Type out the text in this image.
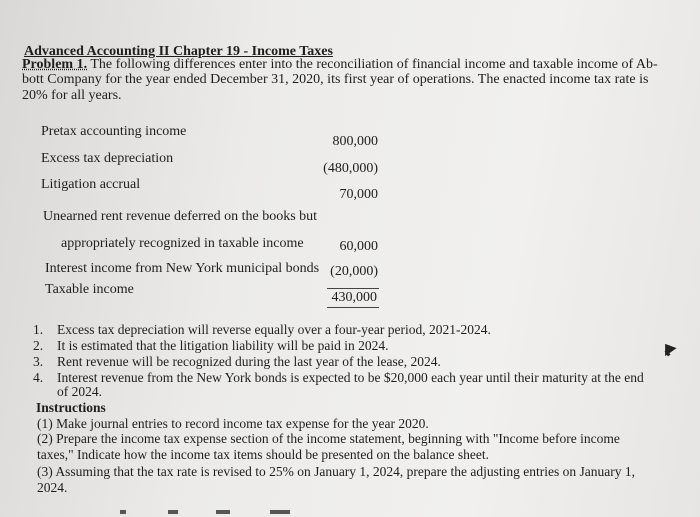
Advanced Accounting II Chapter 19 - Income Taxes
Problem 1. The following differences enter into the reconciliation of financial income and taxable income of Ab-
bott Company for the year ended December 31, 2020, its first year of operations. The enacted income tax rate is
20% for all years.
Pretax accounting income
800,000
Excess tax depreciation
(480,000)
Litigation accrual
70,000
Unearned rent revenue deferred on the books but
appropriately recognized in taxable income	60,000
Interest income from New York municipal bonds (20,000)
Taxable income
430,000
1. Excess tax depreciation will reverse equally over a four-year period, 2021-2024.
2. It is estimated that the litigation liability will be paid in 2024.
3. Rent revenue will be recognized during the last year of the lease, 2024.
4. Interest revenue from the New York bonds is expected to be $20,000 each year until their maturity at the end
of 2024.
Instructions
(1) Make journal entries to record income tax expense for the year 2020.
(2) Prepare the income tax expense section of the income statement, beginning with "Income before income
taxes," Indicate how the income tax items should be presented on the balance sheet.
(3) Assuming that the tax rate is revised to 25% on January 1, 2024, prepare the adjusting entries on January 1,
2024.
